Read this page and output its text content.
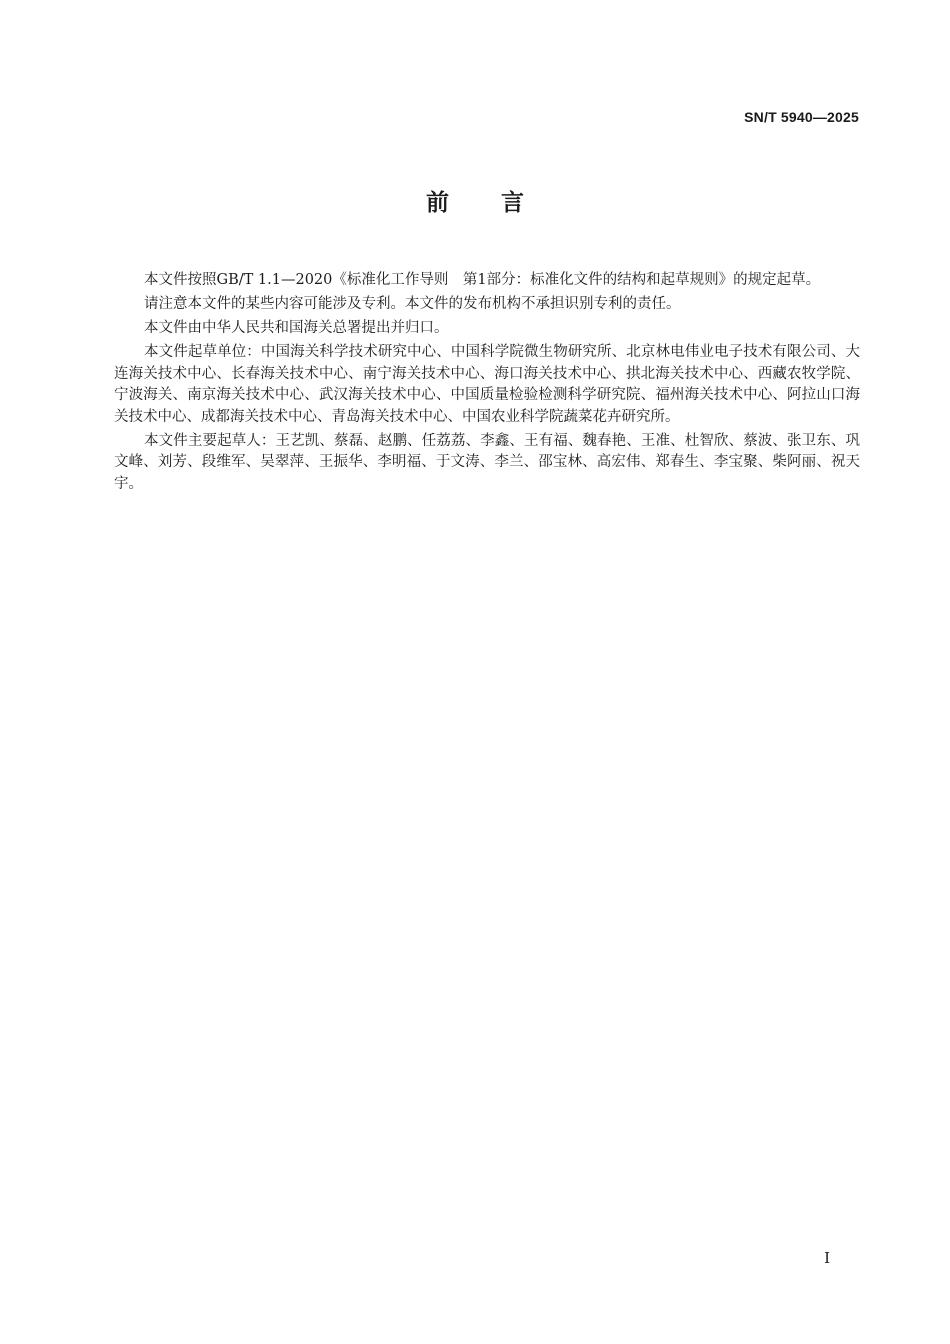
SN/T 5940—2025
前言

本文件按照GB/T 1.1—2020《标准化工作导则　第1部分：标准化文件的结构和起草规则》的规定起草。

请注意本文件的某些内容可能涉及专利。本文件的发布机构不承担识别专利的责任。

本文件由中华人民共和国海关总署提出并归口。

本文件起草单位：中国海关科学技术研究中心、中国科学院微生物研究所、北京林电伟业电子技术有限公司、大连海关技术中心、长春海关技术中心、南宁海关技术中心、海口海关技术中心、拱北海关技术中心、西藏农牧学院、宁波海关、南京海关技术中心、武汉海关技术中心、中国质量检验检测科学研究院、福州海关技术中心、阿拉山口海关技术中心、成都海关技术中心、青岛海关技术中心、中国农业科学院蔬菜花卉研究所。

本文件主要起草人：王艺凯、蔡磊、赵鹏、任荔荔、李鑫、王有福、魏春艳、王准、杜智欣、蔡波、张卫东、巩文峰、刘芳、段维军、吴翠萍、王振华、李明福、于文涛、李兰、邵宝林、高宏伟、郑春生、李宝聚、柴阿丽、祝天宇。

I
